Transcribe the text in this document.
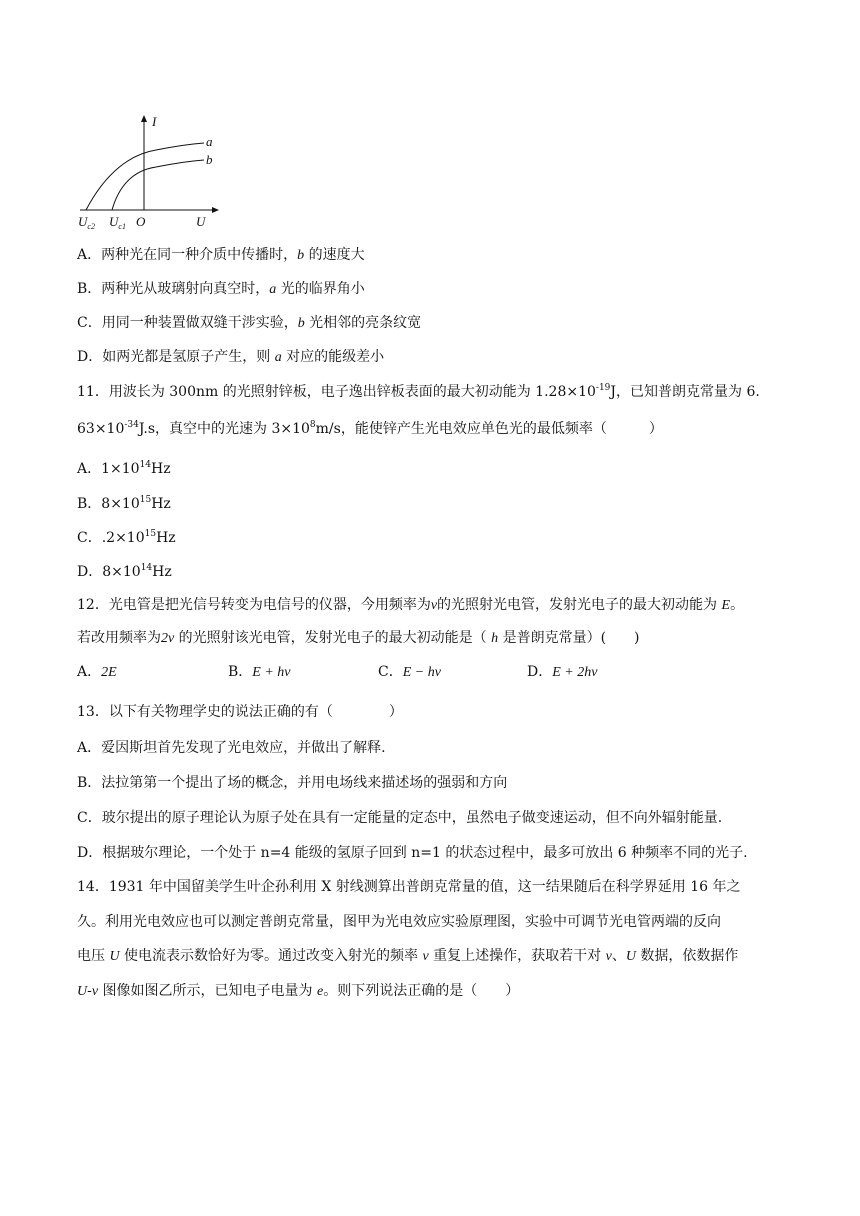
I
a
b
O	U
$U_{c2}$ $U_{c1}$
A．两种光在同一种介质中传播时，b 的速度大
B．两种光从玻璃射向真空时，a 光的临界角小
C．用同一种装置做双缝干涉实验，b 光相邻的亮条纹宽
D．如两光都是氢原子产生，则 a 对应的能级差小
11．用波长为 300nm 的光照射锌板，电子逸出锌板表面的最大初动能为 $1.28\times 10^{-19}J$，已知普朗克常量为 6.
$63\times 10^{-34}J.s$，真空中的光速为 $3\times 10^8m/s$，能使锌产生光电效应单色光的最低频率（　　　）
A．$1\times 10^{14}Hz$
B．$8\times 10^{15}Hz$
C．$.2\times 10^{15}Hz$
D．$8\times 10^{14}Hz$
12．光电管是把光信号转变为电信号的仪器，今用频率为ν的光照射光电管，发射光电子的最大初动能为 E。
若改用频率为2ν 的光照射该光电管，发射光电子的最大初动能是（ h 是普朗克常量）(　　)
A．2E	B．E + hν	C．E − hν	D．E + 2hν
13．以下有关物理学史的说法正确的有（　　　　）
A．爱因斯坦首先发现了光电效应，并做出了解释.
B．法拉第第一个提出了场的概念，并用电场线来描述场的强弱和方向
C．玻尔提出的原子理论认为原子处在具有一定能量的定态中，虽然电子做变速运动，但不向外辐射能量.
D．根据玻尔理论，一个处于 n=4 能级的氢原子回到 n=1 的状态过程中，最多可放出 6 种频率不同的光子.
14．1931 年中国留美学生叶企孙利用 X 射线测算出普朗克常量的值，这一结果随后在科学界延用 16 年之
久。利用光电效应也可以测定普朗克常量，图甲为光电效应实验原理图，实验中可调节光电管两端的反向
电压 U 使电流表示数恰好为零。通过改变入射光的频率 ν 重复上述操作，获取若干对 ν、U 数据，依数据作
U-ν 图像如图乙所示，已知电子电量为 e。则下列说法正确的是（　　）
